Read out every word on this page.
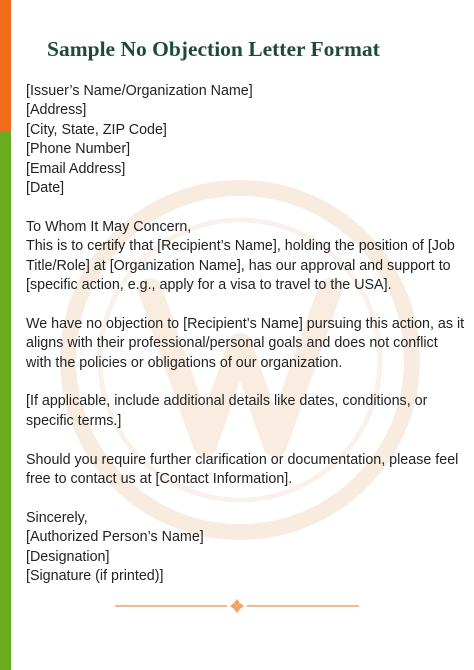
Sample No Objection Letter Format

[Issuer’s Name/Organization Name]
[Address]
[City, State, ZIP Code]
[Phone Number]
[Email Address]
[Date]

To Whom It May Concern,
This is to certify that [Recipient’s Name], holding the position of [Job
Title/Role] at [Organization Name], has our approval and support to
[specific action, e.g., apply for a visa to travel to the USA].

We have no objection to [Recipient’s Name] pursuing this action, as it
aligns with their professional/personal goals and does not conflict
with the policies or obligations of our organization.

[If applicable, include additional details like dates, conditions, or
specific terms.]

Should you require further clarification or documentation, please feel
free to contact us at [Contact Information].

Sincerely,
[Authorized Person’s Name]
[Designation]
[Signature (if printed)]
